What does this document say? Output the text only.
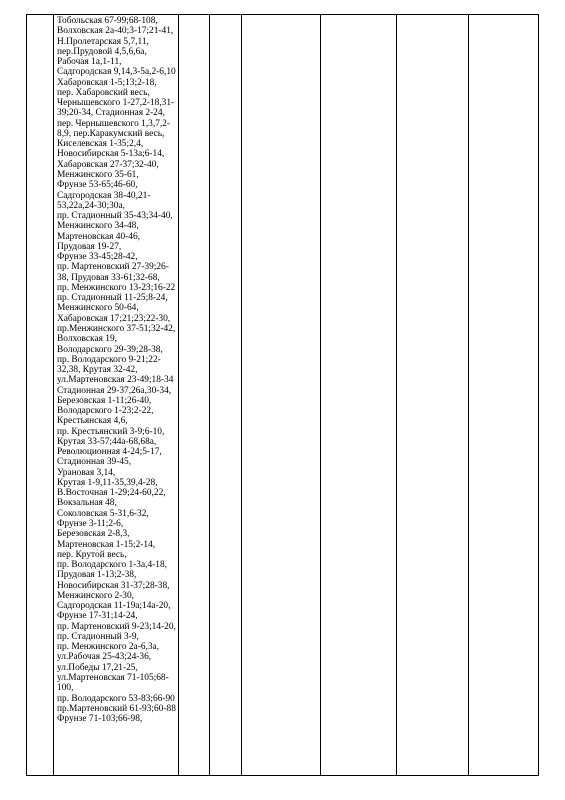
Тобольская 67-99;68-108,
Волховская 2а-40;3-17;21-41,
Н.Пролетарская 5,7,11,
пер.Прудовой 4,5,6,6а,
Рабочая 1а,1-11,
Садгородская 9,14,3-5а,2-6,10
Хабаровская 1-5;13;2-18,
пер. Хабаровский весь,
Чернышевского 1-27,2-18,31-
39;20-34, Стадионная 2-24,
пер. Чернышевского 1,3,7,2-
8,9, пер.Каракумский весь,
Киселевская 1-35;2,4,
Новосибирская 5-13а;6-14,
Хабаровская 27-37;32-40,
Менжинского 35-61,
Фрунзе 53-65;46-60,
Садгородская 38-40,21-
53,22а,24-30;30а,
пр. Стадионный 35-43;34-40,
Менжинского 34-48,
Мартеновская 40-46,
Прудовая 19-27,
Фрунзе 33-45;28-42,
пр. Мартеновский 27-39;26-
38, Прудовая 33-61;32-68,
пр. Менжинского 13-23;16-22
пр. Стадионный 11-25;8-24,
Менжинского 50-64,
Хабаровская 17;21;23;22-30,
пр.Менжинского 37-51;32-42,
Волховская 19,
Володарского 29-39;28-38,
пр. Володарского 9-21;22-
32,38, Крутая 32-42,
ул.Мартеновская 23-49;18-34
Стадионная 29-37,26а,30-34,
Березовская 1-11;26-40,
Володарского 1-23;2-22,
Крестьянская 4,6,
пр. Крестьянский 3-9;6-10,
Крутая 33-57;44а-68,68а,
Революционная 4-24;5-17,
Стадионная 39-45,
Урановая 3,14,
Крутая 1-9,11-35,39,4-28,
В.Восточная 1-29;24-60,22,
Вокзальная 48,
Соколовская 5-31,6-32,
Фрунзе 3-11;2-6,
Березовская 2-8,3,
Мартеновская 1-15;2-14,
пер. Крутой весь,
пр. Володарского 1-3а,4-18,
Прудовая 1-13;2-38,
Новосибирская 31-37;28-38,
Менжинского 2-30,
Садгородская 11-19а;14а-20,
Фрунзе 17-31;14-24,
пр. Мартеновский 9-23;14-20,
пр. Стадионный 3-9,
пр. Менжинского 2а-6,3а,
ул.Рабочая 25-43;24-36,
ул.Победы 17,21-25,
ул.Мартеновская 71-105;68-
100,
пр. Володарского 53-83;66-90
пр.Мартеновский 61-93;60-88
Фрунзе 71-103;66-98,
